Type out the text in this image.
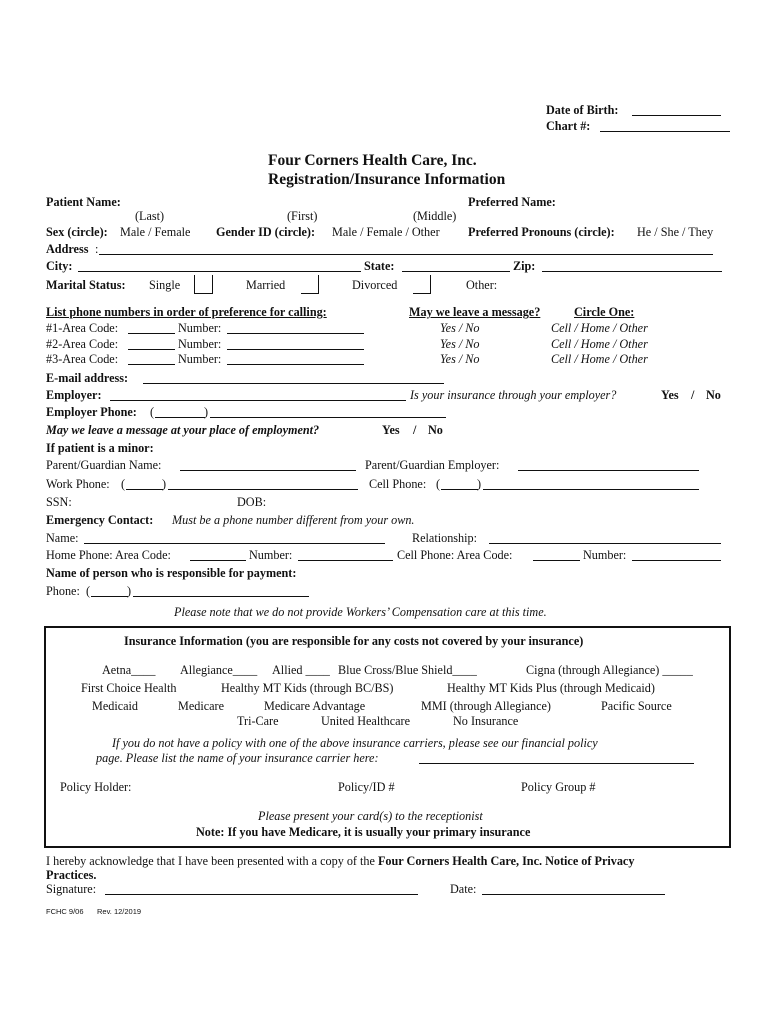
Date of Birth:
Chart #:
Four Corners Health Care, Inc.
Registration/Insurance Information
Patient Name:	Preferred Name:
(Last)	(First)	(Middle)
Sex (circle): Male / Female Gender ID (circle): Male / Female / Other Preferred Pronouns (circle): He / She / They
Address :
City:	State:	Zip:
Marital Status: Single	Married	Divorced	Other:
List phone numbers in order of preference for calling:	May we leave a message?	Circle One:
#1-Area Code:	Number:	Yes / No	Cell / Home / Other
#2-Area Code:	Number:	Yes / No	Cell / Home / Other
#3-Area Code:	Number:	Yes / No	Cell / Home / Other
E-mail address:
Employer:	Is your insurance through your employer?	Yes / No
Employer Phone: (	)
May we leave a message at your place of employment?	Yes / No
If patient is a minor:
Parent/Guardian Name:	Parent/Guardian Employer:
Work Phone: (	)	Cell Phone: (	)
SSN:	DOB:
Emergency Contact: Must be a phone number different from your own.
Name:	Relationship:
Home Phone: Area Code:	Number:	Cell Phone: Area Code:	Number:
Name of person who is responsible for payment:
Phone: (	)
Please note that we do not provide Workers’ Compensation care at this time.
Insurance Information (you are responsible for any costs not covered by your insurance)
Aetna____ Allegiance____ Allied ____ Blue Cross/Blue Shield____	Cigna (through Allegiance) _____
First Choice Health	Healthy MT Kids (through BC/BS)	Healthy MT Kids Plus (through Medicaid)
Medicaid	Medicare	Medicare Advantage	MMI (through Allegiance)	Pacific Source
Tri-Care	United Healthcare	No Insurance
If you do not have a policy with one of the above insurance carriers, please see our financial policy
page. Please list the name of your insurance carrier here:
Policy Holder:	Policy/ID #	Policy Group #
Please present your card(s) to the receptionist
Note: If you have Medicare, it is usually your primary insurance
I hereby acknowledge that I have been presented with a copy of the Four Corners Health Care, Inc. Notice of Privacy
Practices.
Signature:	Date:
FCHC 9/06 Rev. 12/2019
